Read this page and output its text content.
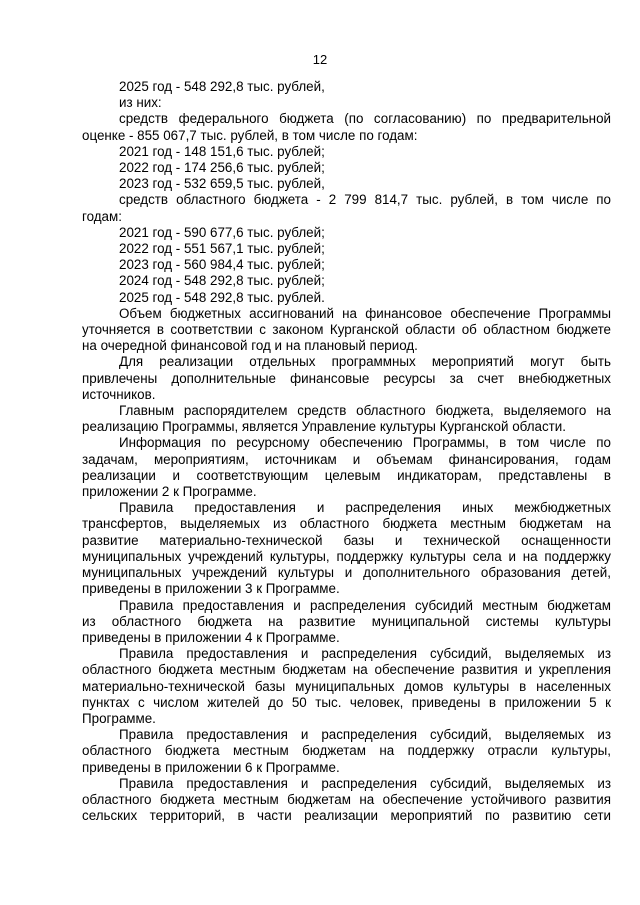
12
2025 год - 548 292,8 тыс. рублей,
из них:
средств федерального бюджета (по согласованию) по предварительной
оценке - 855 067,7 тыс. рублей, в том числе по годам:
2021 год - 148 151,6 тыс. рублей;
2022 год - 174 256,6 тыс. рублей;
2023 год - 532 659,5 тыс. рублей,
средств областного бюджета - 2 799 814,7 тыс. рублей, в том числе по
годам:
2021 год - 590 677,6 тыс. рублей;
2022 год - 551 567,1 тыс. рублей;
2023 год - 560 984,4 тыс. рублей;
2024 год - 548 292,8 тыс. рублей;
2025 год - 548 292,8 тыс. рублей.
Объем бюджетных ассигнований на финансовое обеспечение Программы
уточняется в соответствии с законом Курганской области об областном бюджете
на очередной финансовой год и на плановый период.
Для реализации отдельных программных мероприятий могут быть
привлечены дополнительные финансовые ресурсы за счет внебюджетных
источников.
Главным распорядителем средств областного бюджета, выделяемого на
реализацию Программы, является Управление культуры Курганской области.
Информация по ресурсному обеспечению Программы, в том числе по
задачам, мероприятиям, источникам и объемам финансирования, годам
реализации и соответствующим целевым индикаторам, представлены в
приложении 2 к Программе.
Правила предоставления и распределения иных межбюджетных
трансфертов, выделяемых из областного бюджета местным бюджетам на
развитие материально-технической базы и технической оснащенности
муниципальных учреждений культуры, поддержку культуры села и на поддержку
муниципальных учреждений культуры и дополнительного образования детей,
приведены в приложении 3 к Программе.
Правила предоставления и распределения субсидий местным бюджетам
из областного бюджета на развитие муниципальной системы культуры
приведены в приложении 4 к Программе.
Правила предоставления и распределения субсидий, выделяемых из
областного бюджета местным бюджетам на обеспечение развития и укрепления
материально-технической базы муниципальных домов культуры в населенных
пунктах с числом жителей до 50 тыс. человек, приведены в приложении 5 к
Программе.
Правила предоставления и распределения субсидий, выделяемых из
областного бюджета местным бюджетам на поддержку отрасли культуры,
приведены в приложении 6 к Программе.
Правила предоставления и распределения субсидий, выделяемых из
областного бюджета местным бюджетам на обеспечение устойчивого развития
сельских территорий, в части реализации мероприятий по развитию сети
